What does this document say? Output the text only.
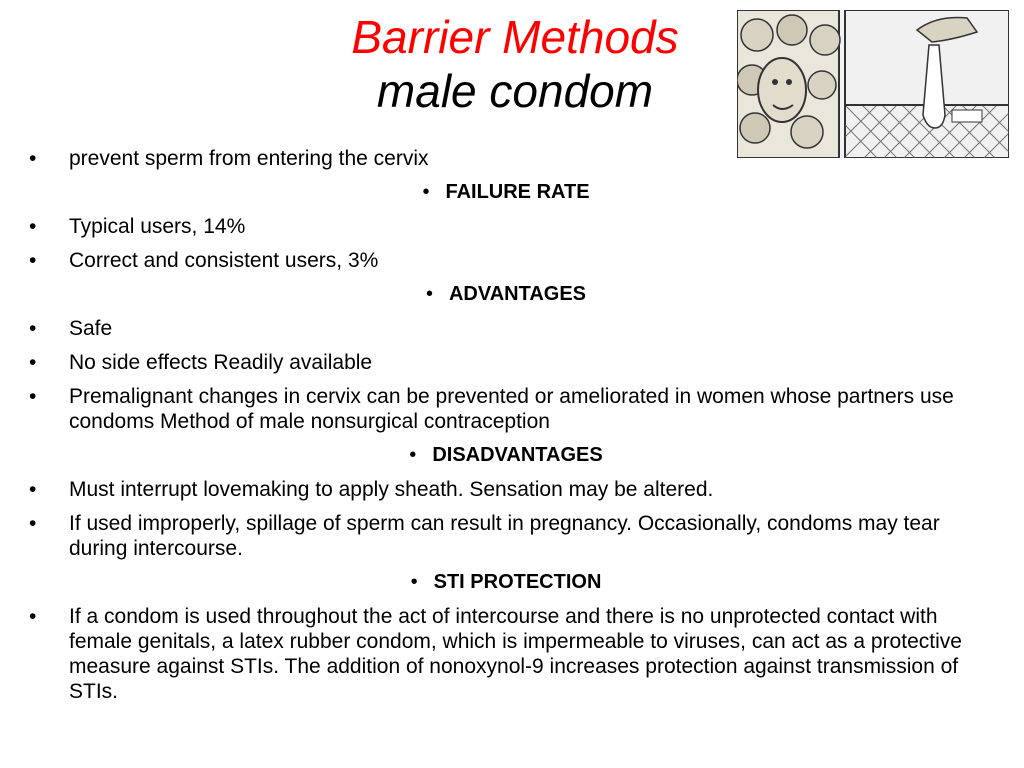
Barrier Methods
male condom
• prevent sperm from entering the cervix
• FAILURE RATE
• Typical users, 14%
• Correct and consistent users, 3%
• ADVANTAGES
• Safe
• No side effects Readily available
• Premalignant changes in cervix can be prevented or ameliorated in women whose partners use condoms Method of male nonsurgical contraception
• DISADVANTAGES
• Must interrupt lovemaking to apply sheath. Sensation may be altered.
• If used improperly, spillage of sperm can result in pregnancy. Occasionally, condoms may tear during intercourse.
• STI PROTECTION
• If a condom is used throughout the act of intercourse and there is no unprotected contact with female genitals, a latex rubber condom, which is impermeable to viruses, can act as a protective measure against STIs. The addition of nonoxynol-9 increases protection against transmission of STIs.
